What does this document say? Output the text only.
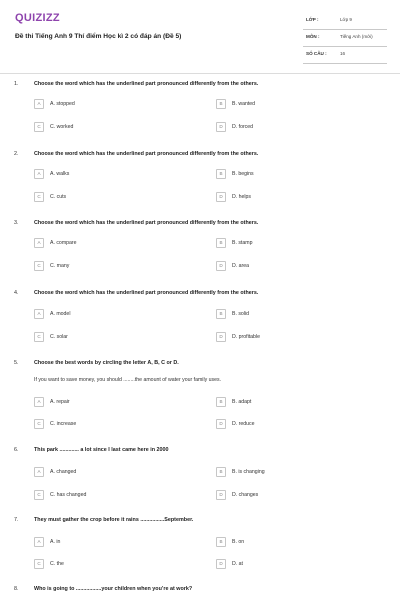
QUIZIZZ
Đề thi Tiếng Anh 9 Thí điểm Học kì 2 có đáp án (Đề 5)
LỚP :	Lớp 9
MÔN :	Tiếng Anh (mới)
SỐ CÂU :	16
1.	Choose the word which has the underlined part pronounced differently from the others.
A	A. stopped	B	B. wanted
C	C. worked	D	D. forced
2.	Choose the word which has the underlined part pronounced differently from the others.
A	A. walks	B	B. begins
C	C. cuts	D	D. helps
3.	Choose the word which has the underlined part pronounced differently from the others.
A	A. compare	B	B. stamp
C	C. many	D	D. area
4.	Choose the word which has the underlined part pronounced differently from the others.
A	A. model	B	B. solid
C	C. solar	D	D. profitable
5.	Choose the best words by circling the letter A, B, C or D.
If you want to save money, you should ........the amount of water your family uses.
A	A. repair	B	B. adapt
C	C. increase	D	D. reduce
6.	This park ............. a lot since I last came here in 2000
A	A. changed	B	B. is changing
C	C. has changed	D	D. changes
7.	They must gather the crop before it rains ................September.
A	A. in	B	B. on
C	C. the	D	D. at
8.	Who is going to .................your children when you’re at work?
